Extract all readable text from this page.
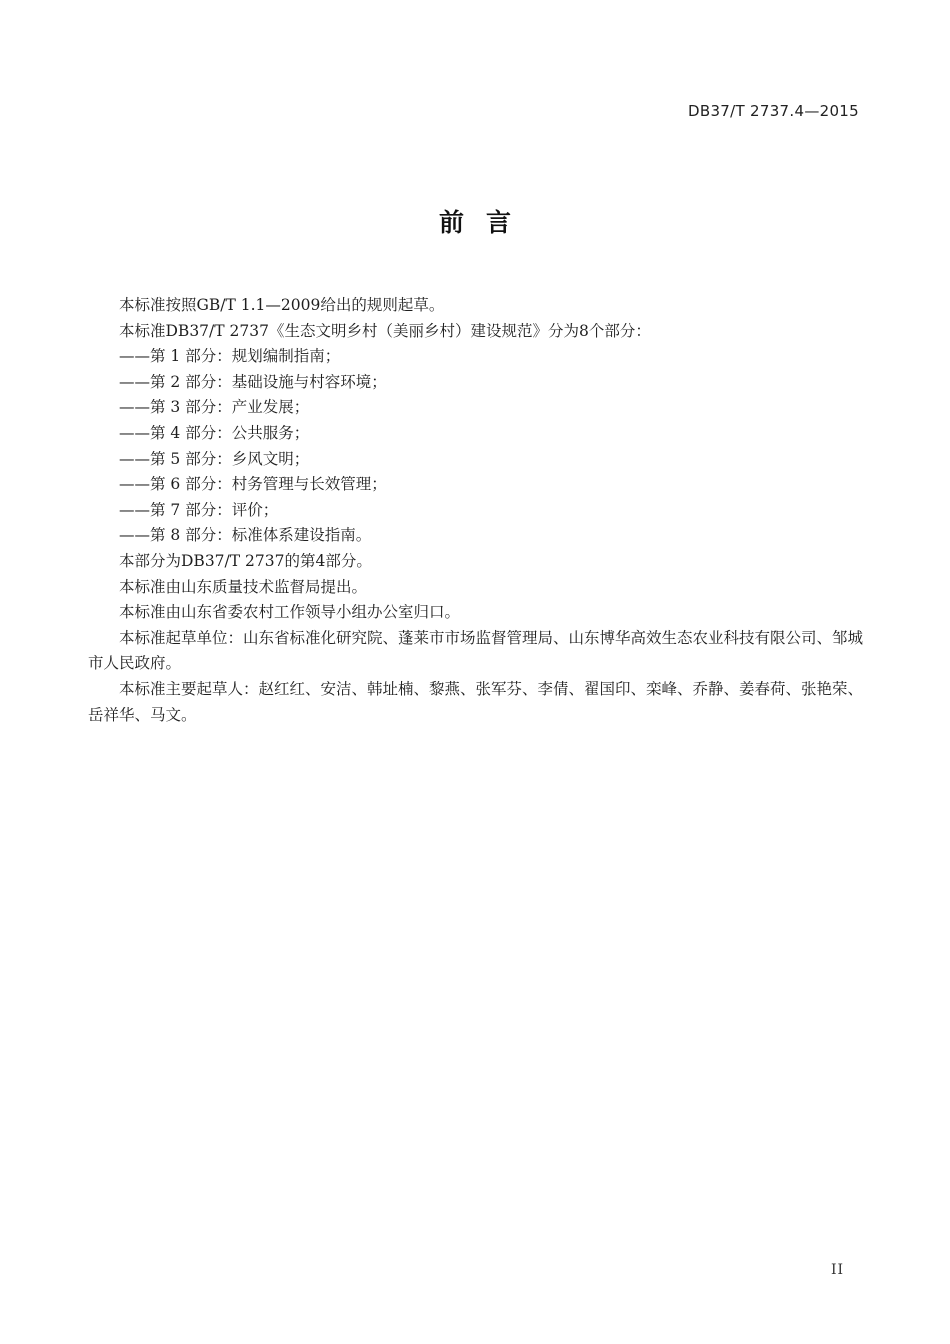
DB37/T 2737.4—2015
前言

本标准按照GB/T 1.1—2009给出的规则起草。

本标准DB37/T 2737《生态文明乡村（美丽乡村）建设规范》分为8个部分：

——第 1 部分：规划编制指南；

——第 2 部分：基础设施与村容环境；

——第 3 部分：产业发展；

——第 4 部分：公共服务；

——第 5 部分：乡风文明；

——第 6 部分：村务管理与长效管理；

——第 7 部分：评价；

——第 8 部分：标准体系建设指南。

本部分为DB37/T 2737的第4部分。

本标准由山东质量技术监督局提出。

本标准由山东省委农村工作领导小组办公室归口。

本标准起草单位：山东省标准化研究院、蓬莱市市场监督管理局、山东博华高效生态农业科技有限公司、邹城市人民政府。

本标准主要起草人：赵红红、安洁、韩址楠、黎燕、张军芬、李倩、翟国印、栾峰、乔静、姜春荷、张艳荣、岳祥华、马文。

II
